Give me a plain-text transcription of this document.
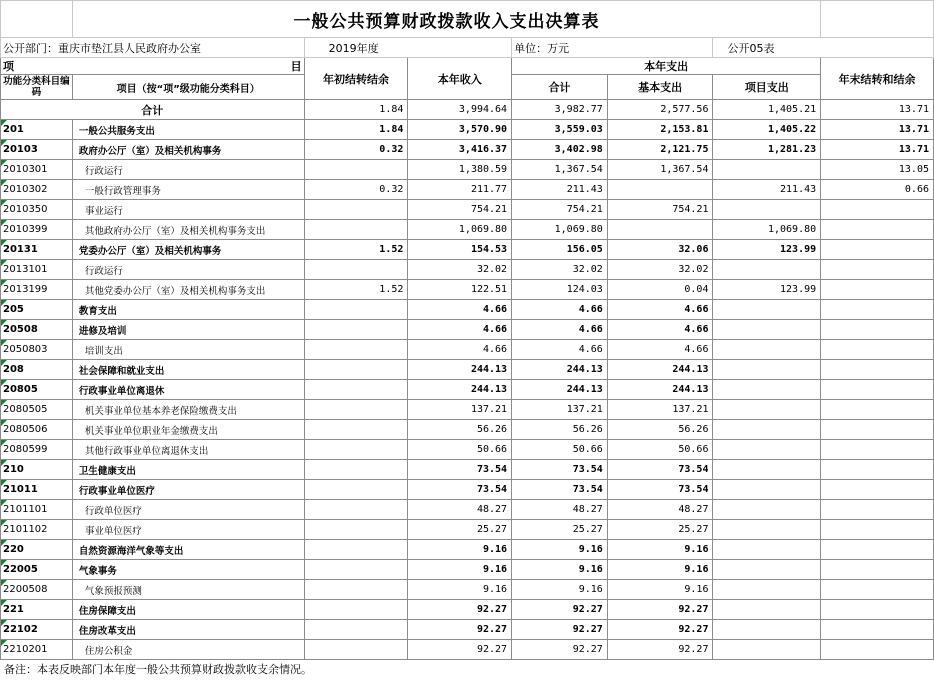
	一般公共预算财政拨款收入支出决算表						
公开部门：重庆市垫江县人民政府办公室		2019年度		单位：万元		公开05表	
项 目		年初结转结余	本年收入	本年支出			年末结转和结余
功能分类科目编码	项目（按“项”级功能分类科目）			合计	基本支出	项目支出	
合计		1.84	3,994.64	3,982.77	2,577.56	1,405.21	13.71
201	一般公共服务支出	1.84	3,570.90	3,559.03	2,153.81	1,405.22	13.71
20103	政府办公厅（室）及相关机构事务	0.32	3,416.37	3,402.98	2,121.75	1,281.23	13.71
2010301	行政运行		1,380.59	1,367.54	1,367.54		13.05
2010302	一般行政管理事务	0.32	211.77	211.43		211.43	0.66
2010350	事业运行		754.21	754.21	754.21		
2010399	其他政府办公厅（室）及相关机构事务支出		1,069.80	1,069.80		1,069.80	
20131	党委办公厅（室）及相关机构事务	1.52	154.53	156.05	32.06	123.99	
2013101	行政运行		32.02	32.02	32.02		
2013199	其他党委办公厅（室）及相关机构事务支出	1.52	122.51	124.03	0.04	123.99	
205	教育支出		4.66	4.66	4.66		
20508	进修及培训		4.66	4.66	4.66		
2050803	培训支出		4.66	4.66	4.66		
208	社会保障和就业支出		244.13	244.13	244.13		
20805	行政事业单位离退休		244.13	244.13	244.13		
2080505	机关事业单位基本养老保险缴费支出		137.21	137.21	137.21		
2080506	机关事业单位职业年金缴费支出		56.26	56.26	56.26		
2080599	其他行政事业单位离退休支出		50.66	50.66	50.66		
210	卫生健康支出		73.54	73.54	73.54		
21011	行政事业单位医疗		73.54	73.54	73.54		
2101101	行政单位医疗		48.27	48.27	48.27		
2101102	事业单位医疗		25.27	25.27	25.27		
220	自然资源海洋气象等支出		9.16	9.16	9.16		
22005	气象事务		9.16	9.16	9.16		
2200508	气象预报预测		9.16	9.16	9.16		
221	住房保障支出		92.27	92.27	92.27		
22102	住房改革支出		92.27	92.27	92.27		
2210201	住房公积金		92.27	92.27	92.27		
备注：本表反映部门本年度一般公共预算财政拨款收支余情况。
